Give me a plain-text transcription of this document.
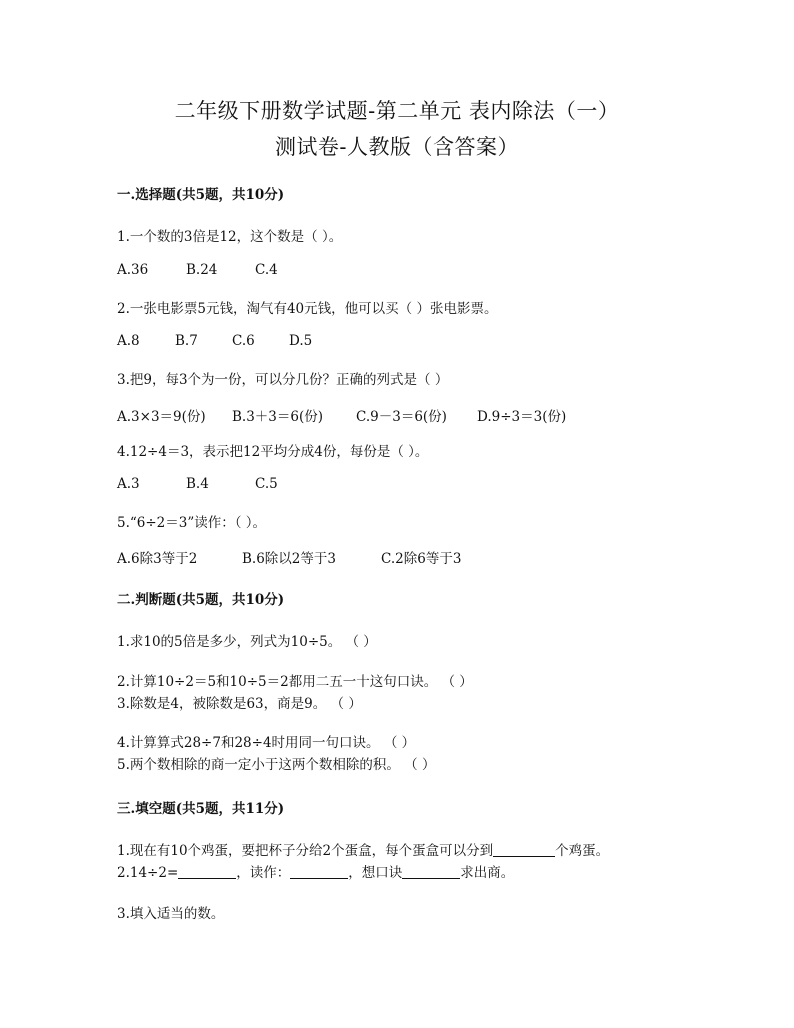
二年级下册数学试题-第二单元 表内除法（一）
测试卷-人教版（含答案）
一.选择题(共5题，共10分)
1.一个数的3倍是12，这个数是（ ）。
A.36	B.24	C.4
2.一张电影票5元钱，淘气有40元钱，他可以买（ ）张电影票。
A.8	B.7	C.6	D.5
3.把9，每3个为一份，可以分几份？正确的列式是（ ）
A.3×3＝9(份) B.3＋3＝6(份) C.9－3＝6(份) D.9÷3＝3(份)
4.12÷4＝3，表示把12平均分成4份，每份是（ ）。
A.3	B.4	C.5
5.“6÷2＝3”读作：（ ）。
A.6除3等于2	B.6除以2等于3	C.2除6等于3
二.判断题(共5题，共10分)
1.求10的5倍是多少，列式为10÷5。 （ ）
2.计算10÷2＝5和10÷5＝2都用二五一十这句口诀。 （ ）
3.除数是4，被除数是63，商是9。 （ ）
4.计算算式28÷7和28÷4时用同一句口诀。 （ ）
5.两个数相除的商一定小于这两个数相除的积。 （ ）
三.填空题(共5题，共11分)
1.现在有10个鸡蛋，要把杯子分给2个蛋盒，每个蛋盒可以分到	个鸡蛋。
2.14÷2=	，读作：	，想口诀	求出商。
3.填入适当的数。
